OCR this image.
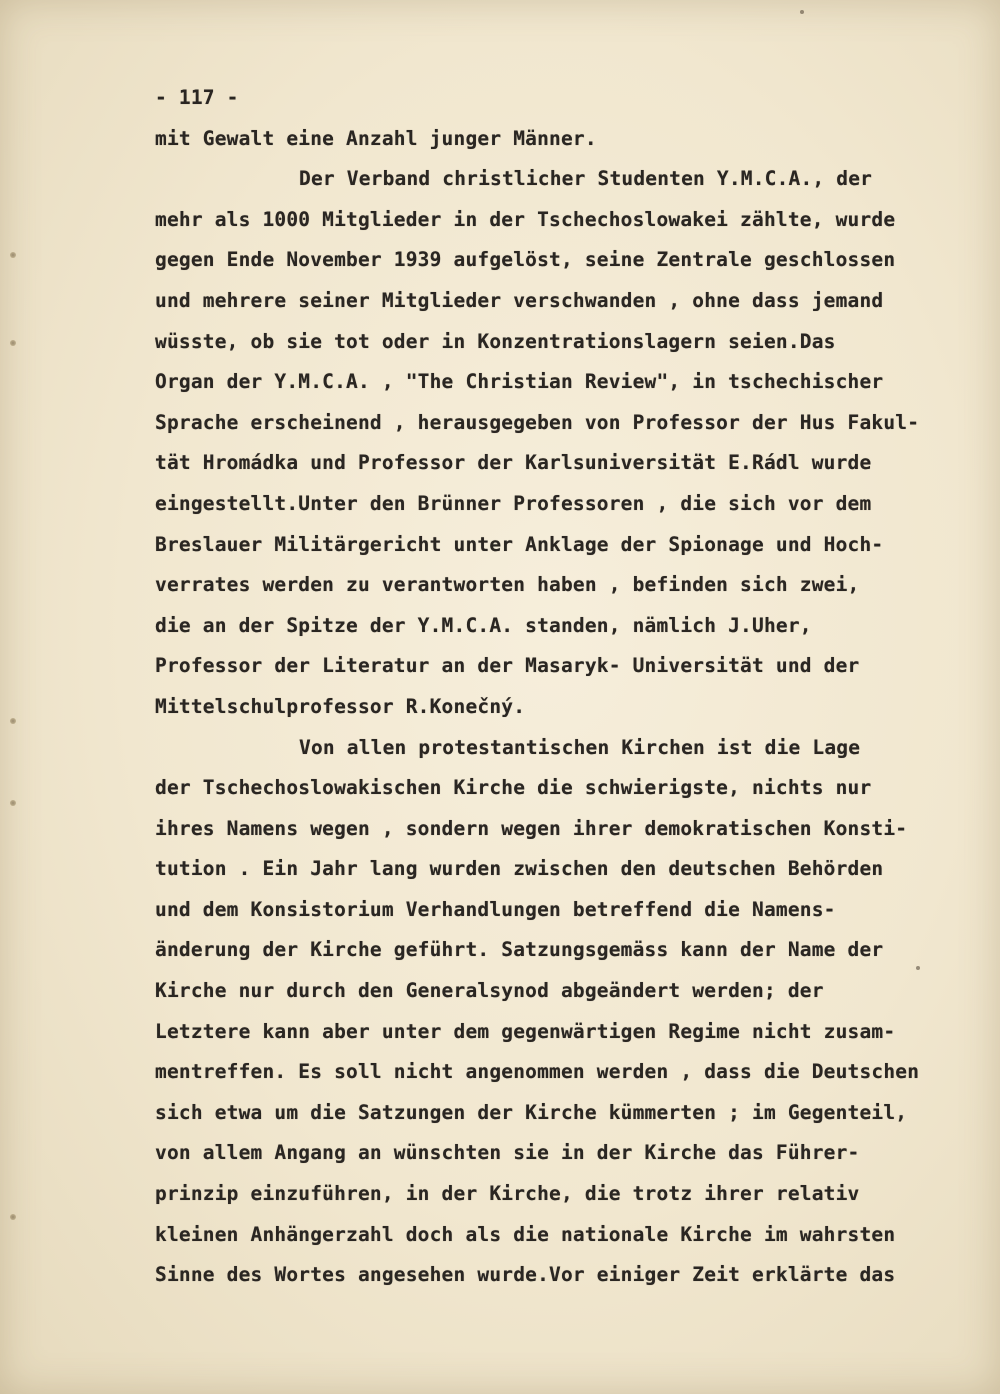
- 117 -
mit Gewalt eine Anzahl junger Männer.
Der Verband christlicher Studenten Y.M.C.A., der
mehr als 1000 Mitglieder in der Tschechoslowakei zählte, wurde
gegen Ende November 1939 aufgelöst, seine Zentrale geschlossen
und mehrere seiner Mitglieder verschwanden , ohne dass jemand
wüsste, ob sie tot oder in Konzentrationslagern seien.Das
Organ der Y.M.C.A. , "The Christian Review", in tschechischer
Sprache erscheinend , herausgegeben von Professor der Hus Fakul-
tät Hromádka und Professor der Karlsuniversität E.Rádl wurde
eingestellt.Unter den Brünner Professoren , die sich vor dem
Breslauer Militärgericht unter Anklage der Spionage und Hoch-
verrates werden zu verantworten haben , befinden sich zwei,
die an der Spitze der Y.M.C.A. standen, nämlich J.Uher,
Professor der Literatur an der Masaryk- Universität und der
Mittelschulprofessor R.Konečný.
Von allen protestantischen Kirchen ist die Lage
der Tschechoslowakischen Kirche die schwierigste, nichts nur
ihres Namens wegen , sondern wegen ihrer demokratischen Konsti-
tution . Ein Jahr lang wurden zwischen den deutschen Behörden
und dem Konsistorium Verhandlungen betreffend die Namens-
änderung der Kirche geführt. Satzungsgemäss kann der Name der
Kirche nur durch den Generalsynod abgeändert werden; der
Letztere kann aber unter dem gegenwärtigen Regime nicht zusam-
mentreffen. Es soll nicht angenommen werden , dass die Deutschen
sich etwa um die Satzungen der Kirche kümmerten ; im Gegenteil,
von allem Angang an wünschten sie in der Kirche das Führer-
prinzip einzuführen, in der Kirche, die trotz ihrer relativ
kleinen Anhängerzahl doch als die nationale Kirche im wahrsten
Sinne des Wortes angesehen wurde.Vor einiger Zeit erklärte das
